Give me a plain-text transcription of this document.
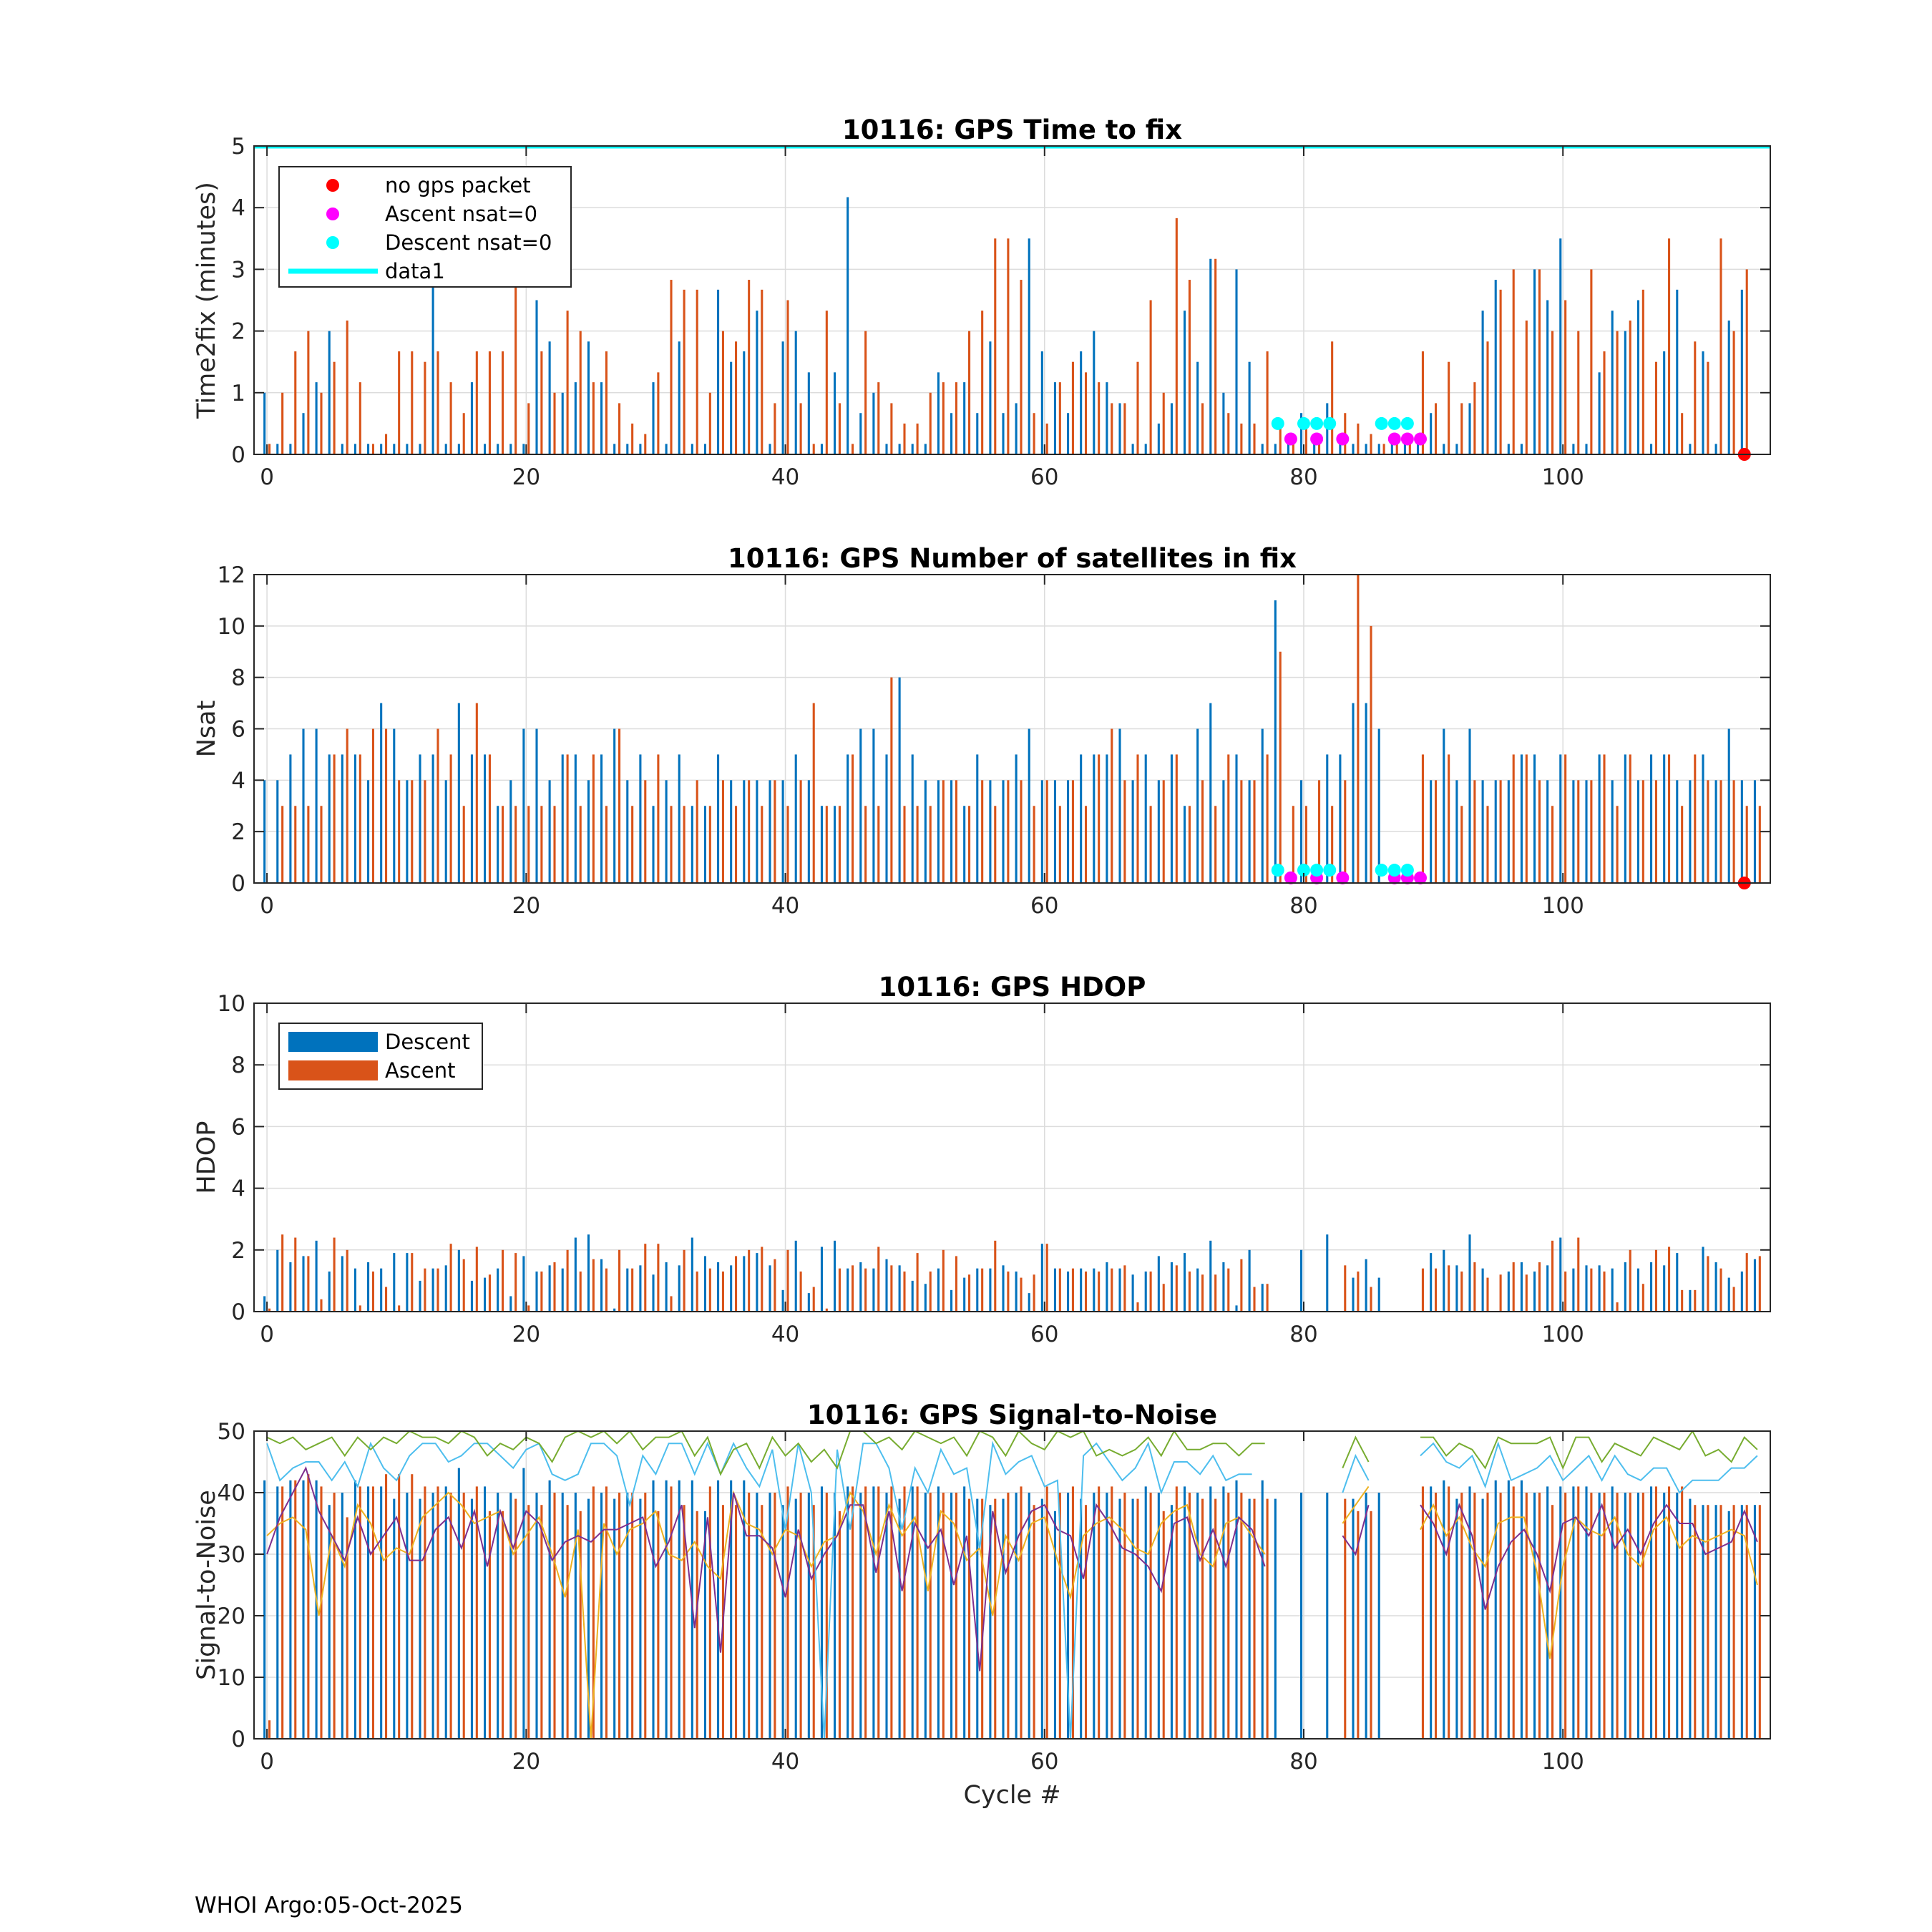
0	20	40	60	80	100
0
1
2
3
4
5
10116: GPS Time to fix
Time2fix (minutes)	no gps packet
Ascent nsat=0
Descent nsat=0
data1
0	20	40	60	80	100
0
2
4
6
8
10
12
10116: GPS Number of satellites in fix
Nsat
0	20	40	60	80	100
0
2
4
6
8
10
10116: GPS HDOP
HDOP
Descent
Ascent
0	20	40	60	80	100
0
10
20
30
40
50
10116: GPS Signal-to-Noise
Signal-to-Noise
Cycle #
WHOI Argo:05-Oct-2025
